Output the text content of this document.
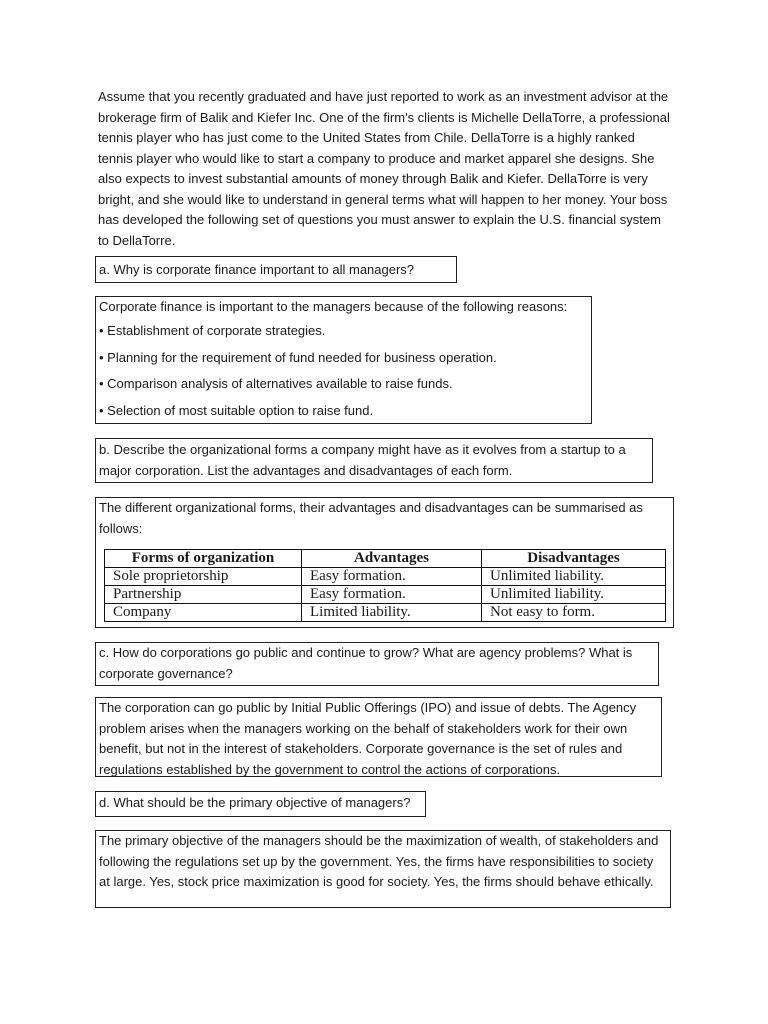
Assume that you recently graduated and have just reported to work as an investment advisor at the brokerage firm of Balik and Kiefer Inc. One of the firm's clients is Michelle DellaTorre, a professional tennis player who has just come to the United States from Chile. DellaTorre is a highly ranked tennis player who would like to start a company to produce and market apparel she designs. She also expects to invest substantial amounts of money through Balik and Kiefer. DellaTorre is very bright, and she would like to understand in general terms what will happen to her money. Your boss has developed the following set of questions you must answer to explain the U.S. financial system to DellaTorre.

a. Why is corporate finance important to all managers?

Corporate finance is important to the managers because of the following reasons:

• Establishment of corporate strategies.

• Planning for the requirement of fund needed for business operation.

• Comparison analysis of alternatives available to raise funds.

• Selection of most suitable option to raise fund.

b. Describe the organizational forms a company might have as it evolves from a startup to a major corporation. List the advantages and disadvantages of each form.

The different organizational forms, their advantages and disadvantages can be summarised as follows:

Forms of organization	Advantages	Disadvantages
Sole proprietorship	Easy formation.	Unlimited liability.
Partnership	Easy formation.	Unlimited liability.
Company	Limited liability.	Not easy to form.

c. How do corporations go public and continue to grow? What are agency problems? What is corporate governance?

The corporation can go public by Initial Public Offerings (IPO) and issue of debts. The Agency problem arises when the managers working on the behalf of stakeholders work for their own benefit, but not in the interest of stakeholders. Corporate governance is the set of rules and regulations established by the government to control the actions of corporations.

d. What should be the primary objective of managers?

The primary objective of the managers should be the maximization of wealth, of stakeholders and following the regulations set up by the government. Yes, the firms have responsibilities to society at large. Yes, stock price maximization is good for society. Yes, the firms should behave ethically.
